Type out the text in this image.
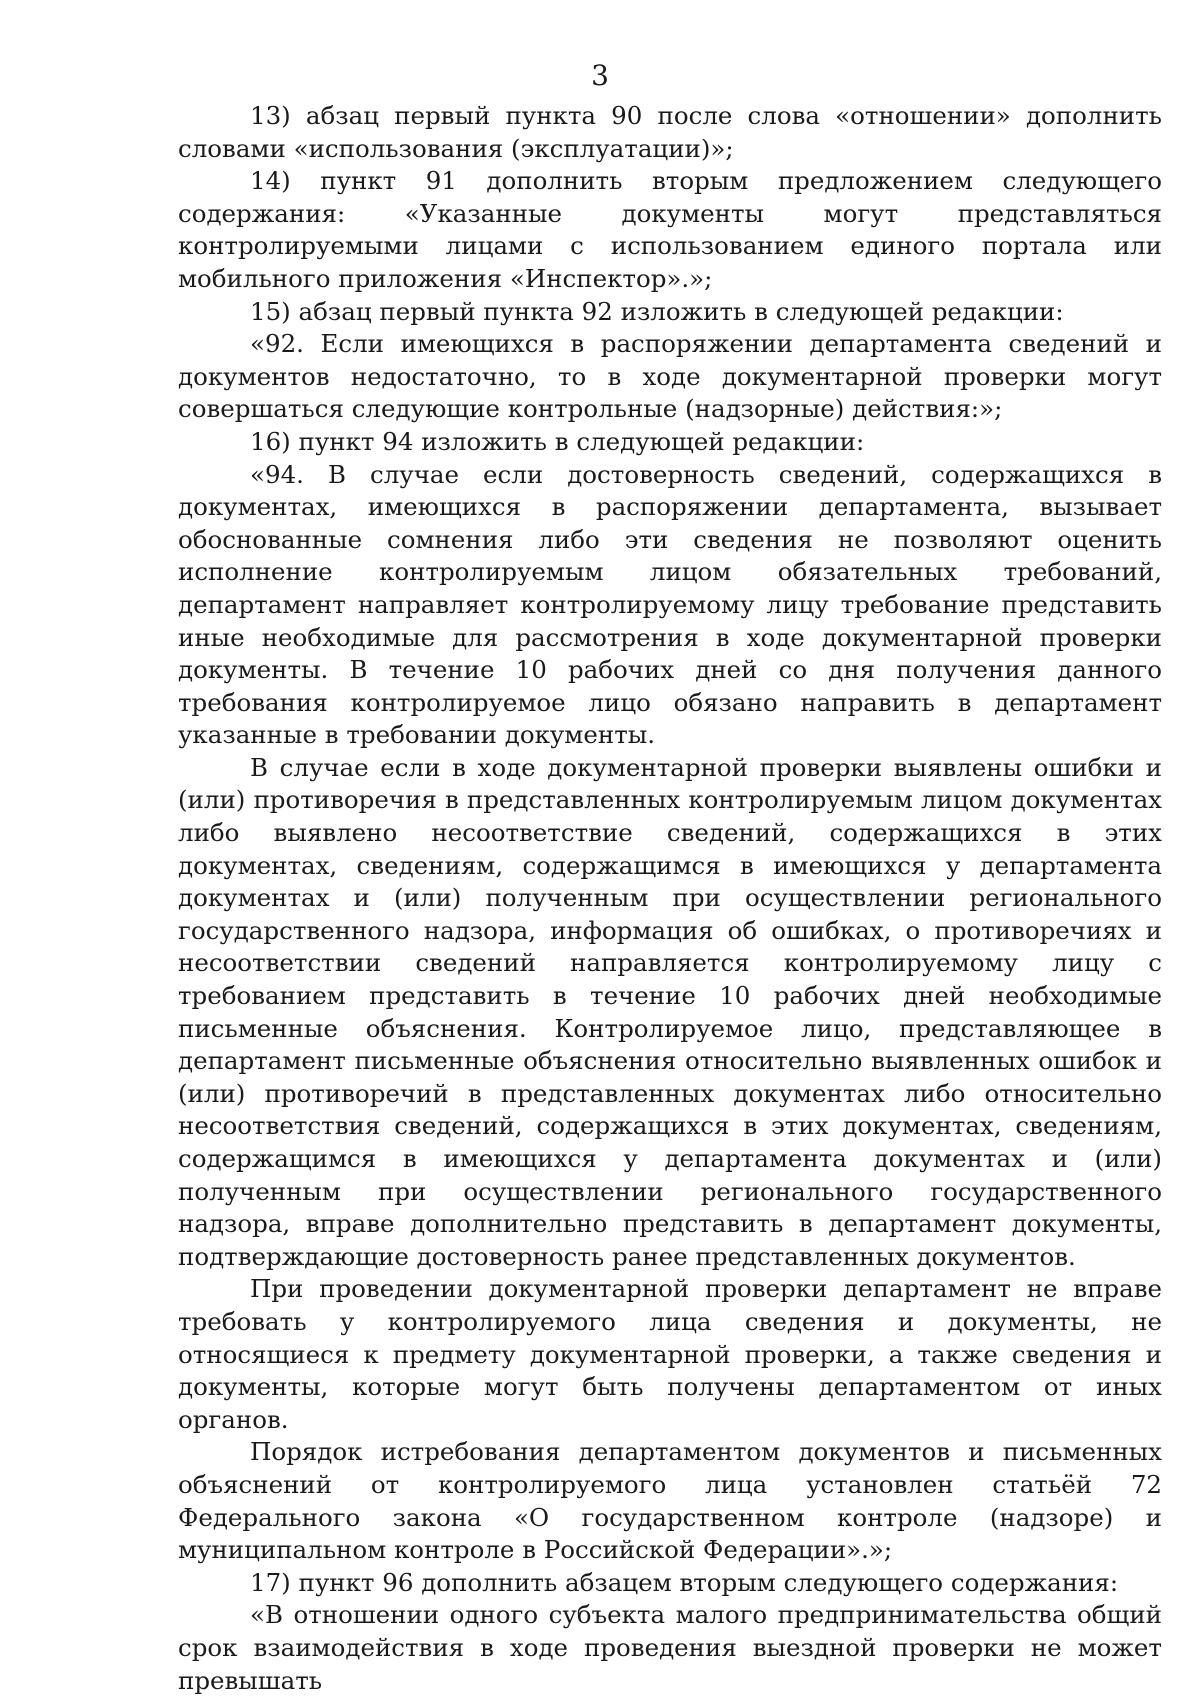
3

13) абзац первый пункта 90 после слова «отношении» дополнить словами «использования (эксплуатации)»;

14) пункт 91 дополнить вторым предложением следующего содержания: «Указанные документы могут представляться контролируемыми лицами с использованием единого портала или мобильного приложения «Инспектор».»;

15) абзац первый пункта 92 изложить в следующей редакции:

«92. Если имеющихся в распоряжении департамента сведений и документов недостаточно, то в ходе документарной проверки могут совершаться следующие контрольные (надзорные) действия:»;

16) пункт 94 изложить в следующей редакции:

«94. В случае если достоверность сведений, содержащихся в документах, имеющихся в распоряжении департамента, вызывает обоснованные сомнения либо эти сведения не позволяют оценить исполнение контролируемым лицом обязательных требований, департамент направляет контролируемому лицу требование представить иные необходимые для рассмотрения в ходе документарной проверки документы. В течение 10 рабочих дней со дня получения данного требования контролируемое лицо обязано направить в департамент указанные в требовании документы.

В случае если в ходе документарной проверки выявлены ошибки и (или) противоречия в представленных контролируемым лицом документах либо выявлено несоответствие сведений, содержащихся в этих документах, сведениям, содержащимся в имеющихся у департамента документах и (или) полученным при осуществлении регионального государственного надзора, информация об ошибках, о противоречиях и несоответствии сведений направляется контролируемому лицу с требованием представить в течение 10 рабочих дней необходимые письменные объяснения. Контролируемое лицо, представляющее в департамент письменные объяснения относительно выявленных ошибок и (или) противоречий в представленных документах либо относительно несоответствия сведений, содержащихся в этих документах, сведениям, содержащимся в имеющихся у департамента документах и (или) полученным при осуществлении регионального государственного надзора, вправе дополнительно представить в департамент документы, подтверждающие достоверность ранее представленных документов.

При проведении документарной проверки департамент не вправе требовать у контролируемого лица сведения и документы, не относящиеся к предмету документарной проверки, а также сведения и документы, которые могут быть получены департаментом от иных органов.

Порядок истребования департаментом документов и письменных объяснений от контролируемого лица установлен статьёй 72 Федерального закона «О государственном контроле (надзоре) и муниципальном контроле в Российской Федерации».»;

17) пункт 96 дополнить абзацем вторым следующего содержания:

«В отношении одного субъекта малого предпринимательства общий срок взаимодействия в ходе проведения выездной проверки не может превышать
